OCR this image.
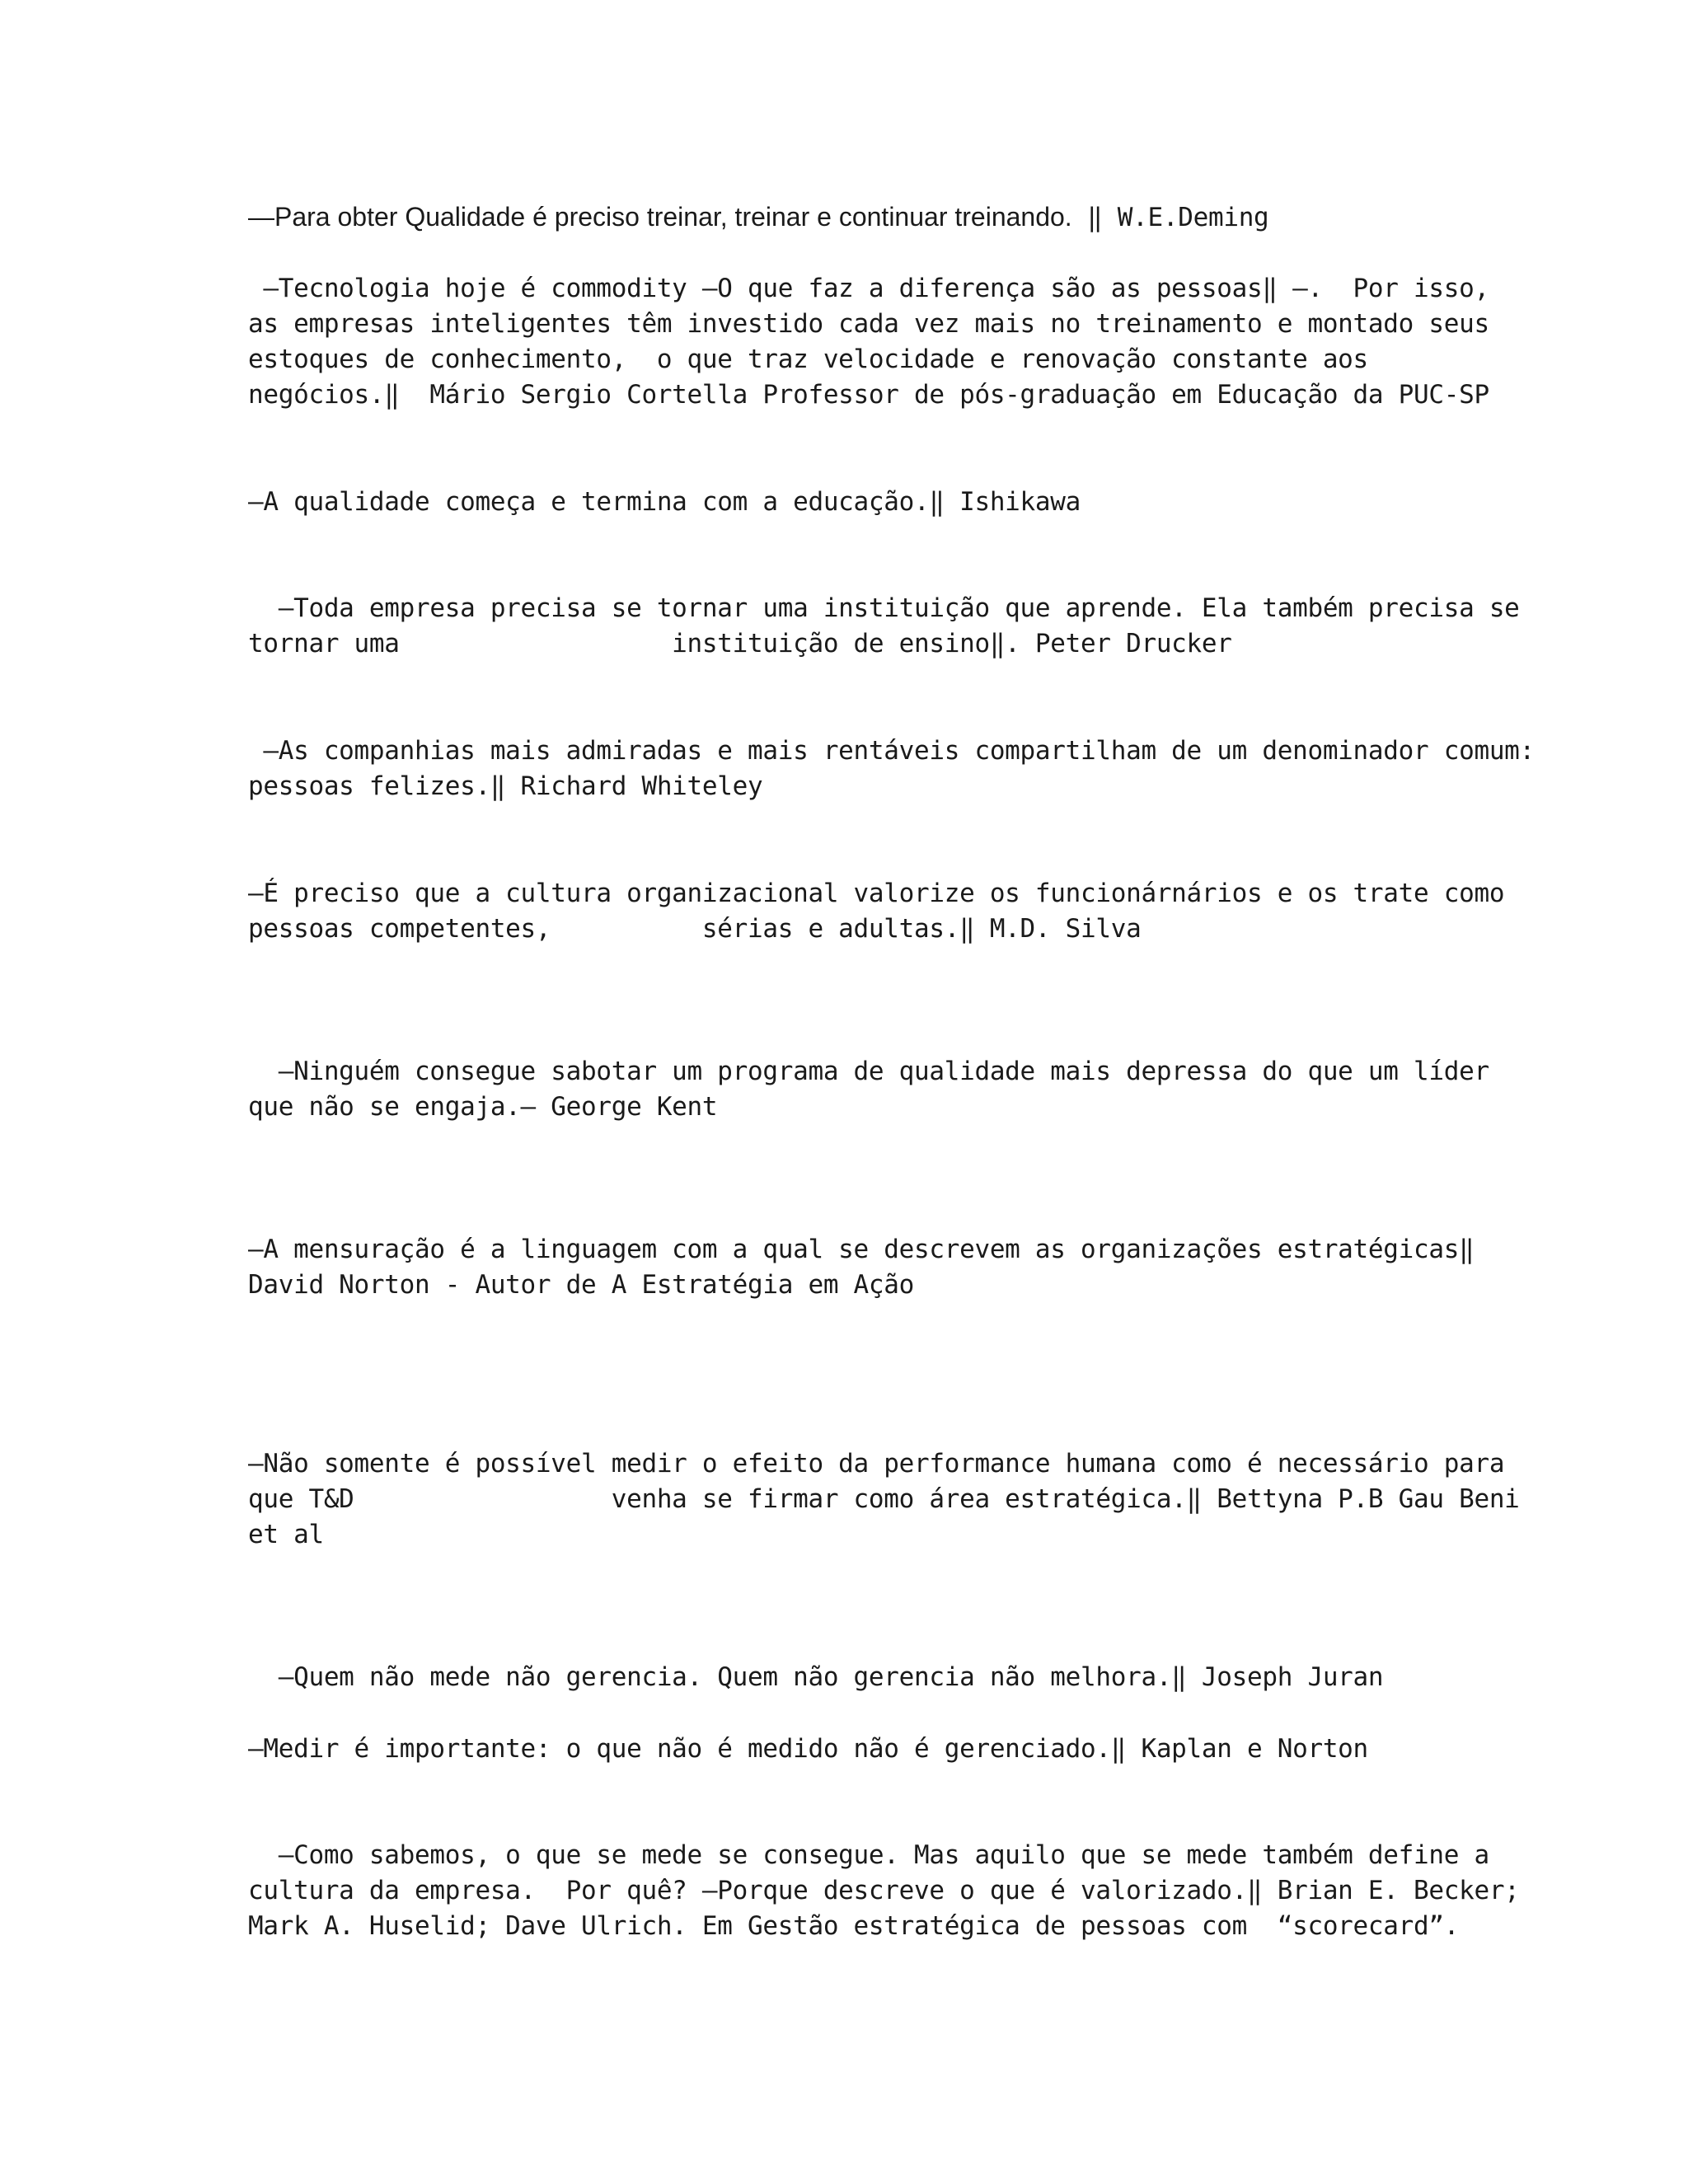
—Para obter Qualidade é preciso treinar, treinar e continuar treinando. ‖ W.E.Deming
—Tecnologia hoje é commodity —O que faz a diferença são as pessoas‖ —.  Por isso,
as empresas inteligentes têm investido cada vez mais no treinamento e montado seus
estoques de conhecimento,  o que traz velocidade e renovação constante aos
negócios.‖  Mário Sergio Cortella Professor de pós-graduação em Educação da PUC-SP
—A qualidade começa e termina com a educação.‖ Ishikawa
—Toda empresa precisa se tornar uma instituição que aprende. Ela também precisa se
tornar uma                  instituição de ensino‖. Peter Drucker
—As companhias mais admiradas e mais rentáveis compartilham de um denominador comum:
pessoas felizes.‖ Richard Whiteley
—É preciso que a cultura organizacional valorize os funcionárnários e os trate como
pessoas competentes,          sérias e adultas.‖ M.D. Silva
—Ninguém consegue sabotar um programa de qualidade mais depressa do que um líder
que não se engaja.— George Kent
—A mensuração é a linguagem com a qual se descrevem as organizações estratégicas‖
David Norton - Autor de A Estratégia em Ação
—Não somente é possível medir o efeito da performance humana como é necessário para
que T&D                 venha se firmar como área estratégica.‖ Bettyna P.B Gau Beni
et al
—Quem não mede não gerencia. Quem não gerencia não melhora.‖ Joseph Juran
—Medir é importante: o que não é medido não é gerenciado.‖ Kaplan e Norton
—Como sabemos, o que se mede se consegue. Mas aquilo que se mede também define a
cultura da empresa.  Por quê? —Porque descreve o que é valorizado.‖ Brian E. Becker;
Mark A. Huselid; Dave Ulrich. Em Gestão estratégica de pessoas com  “scorecard”.
